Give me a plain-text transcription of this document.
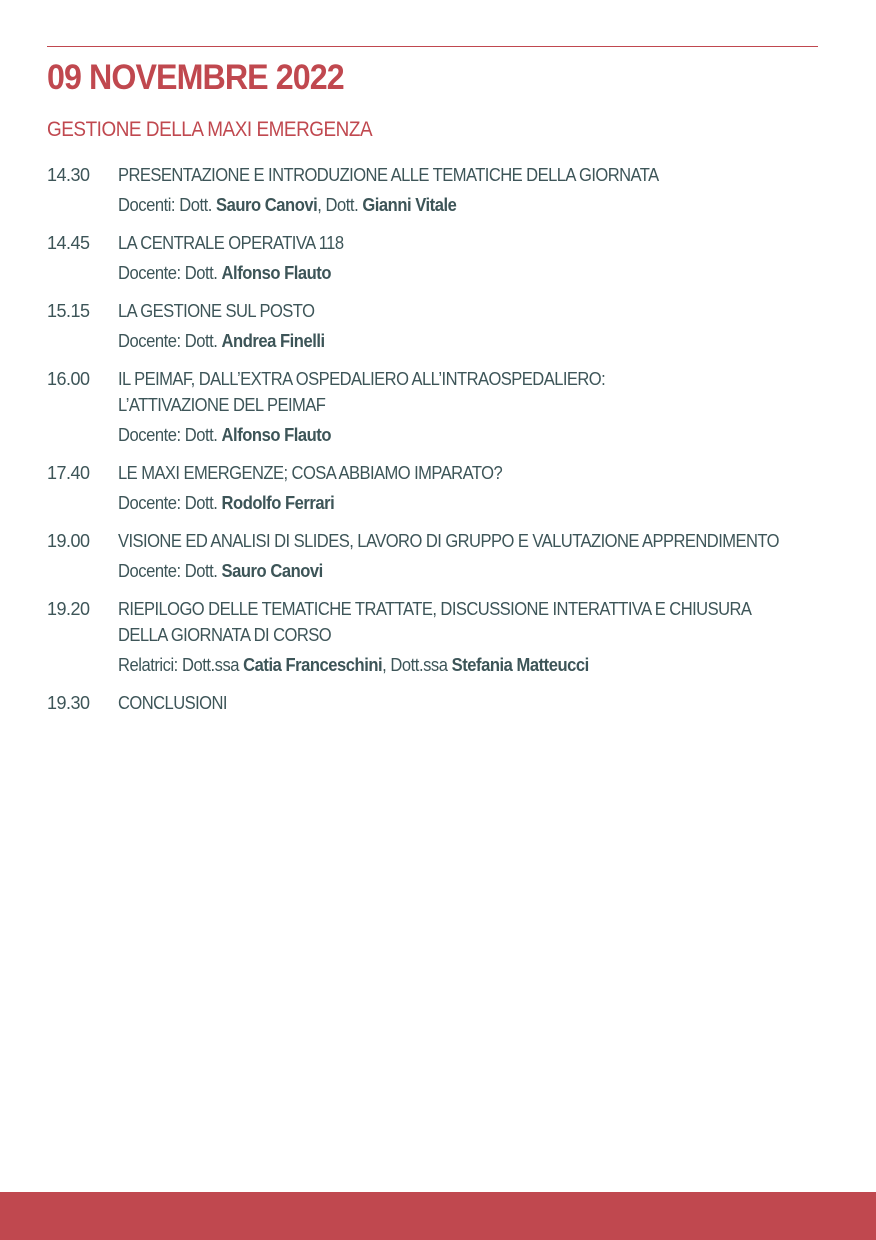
09 NOVEMBRE 2022
GESTIONE DELLA MAXI EMERGENZA
14.30	PRESENTAZIONE E INTRODUZIONE ALLE TEMATICHE DELLA GIORNATA
Docenti: Dott. Sauro Canovi, Dott. Gianni Vitale
14.45	LA CENTRALE OPERATIVA 118
Docente: Dott. Alfonso Flauto
15.15	LA GESTIONE SUL POSTO
Docente: Dott. Andrea Finelli
16.00	IL PEIMAF, DALL’EXTRA OSPEDALIERO ALL’INTRAOSPEDALIERO:
L’ATTIVAZIONE DEL PEIMAF
Docente: Dott. Alfonso Flauto
17.40	LE MAXI EMERGENZE; COSA ABBIAMO IMPARATO?
Docente: Dott. Rodolfo Ferrari
19.00	VISIONE ED ANALISI DI SLIDES, LAVORO DI GRUPPO E VALUTAZIONE APPRENDIMENTO
Docente: Dott. Sauro Canovi
19.20	RIEPILOGO DELLE TEMATICHE TRATTATE, DISCUSSIONE INTERATTIVA E CHIUSURA
DELLA GIORNATA DI CORSO
Relatrici: Dott.ssa Catia Franceschini, Dott.ssa Stefania Matteucci
19.30	CONCLUSIONI
